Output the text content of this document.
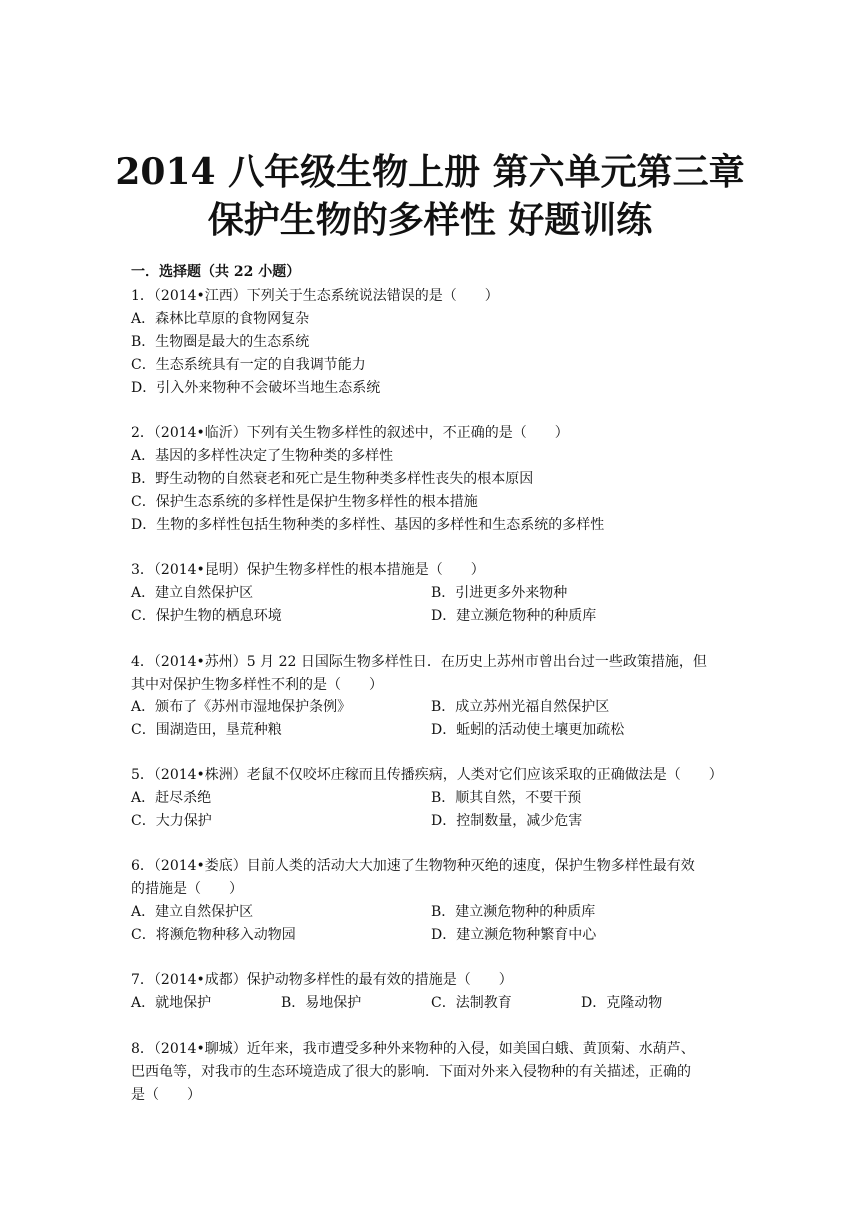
2014 八年级生物上册 第六单元第三章
保护生物的多样性 好题训练
一．选择题（共 22 小题）
1．（2014•江西）下列关于生态系统说法错误的是（　　）
A．森林比草原的食物网复杂
B．生物圈是最大的生态系统
C．生态系统具有一定的自我调节能力
D．引入外来物种不会破坏当地生态系统
2．（2014•临沂）下列有关生物多样性的叙述中，不正确的是（　　）
A．基因的多样性决定了生物种类的多样性
B．野生动物的自然衰老和死亡是生物种类多样性丧失的根本原因
C．保护生态系统的多样性是保护生物多样性的根本措施
D．生物的多样性包括生物种类的多样性、基因的多样性和生态系统的多样性
3．（2014•昆明）保护生物多样性的根本措施是（　　）
A．建立自然保护区	B．引进更多外来物种
C．保护生物的栖息环境	D．建立濒危物种的种质库
4．（2014•苏州）5 月 22 日国际生物多样性日．在历史上苏州市曾出台过一些政策措施，但
其中对保护生物多样性不利的是（　　）
A．颁布了《苏州市湿地保护条例》	B．成立苏州光福自然保护区
C．围湖造田，垦荒种粮	D．蚯蚓的活动使土壤更加疏松
5．（2014•株洲）老鼠不仅咬坏庄稼而且传播疾病，人类对它们应该采取的正确做法是（　　）
A．赶尽杀绝	B．顺其自然，不要干预
C．大力保护	D．控制数量，减少危害
6．（2014•娄底）目前人类的活动大大加速了生物物种灭绝的速度，保护生物多样性最有效
的措施是（　　）
A．建立自然保护区	B．建立濒危物种的种质库
C．将濒危物种移入动物园	D．建立濒危物种繁育中心
7．（2014•成都）保护动物多样性的最有效的措施是（　　）
A．就地保护	B．易地保护	C．法制教育	D．克隆动物
8．（2014•聊城）近年来，我市遭受多种外来物种的入侵，如美国白蛾、黄顶菊、水葫芦、
巴西龟等，对我市的生态环境造成了很大的影响．下面对外来入侵物种的有关描述，正确的
是（　　）
